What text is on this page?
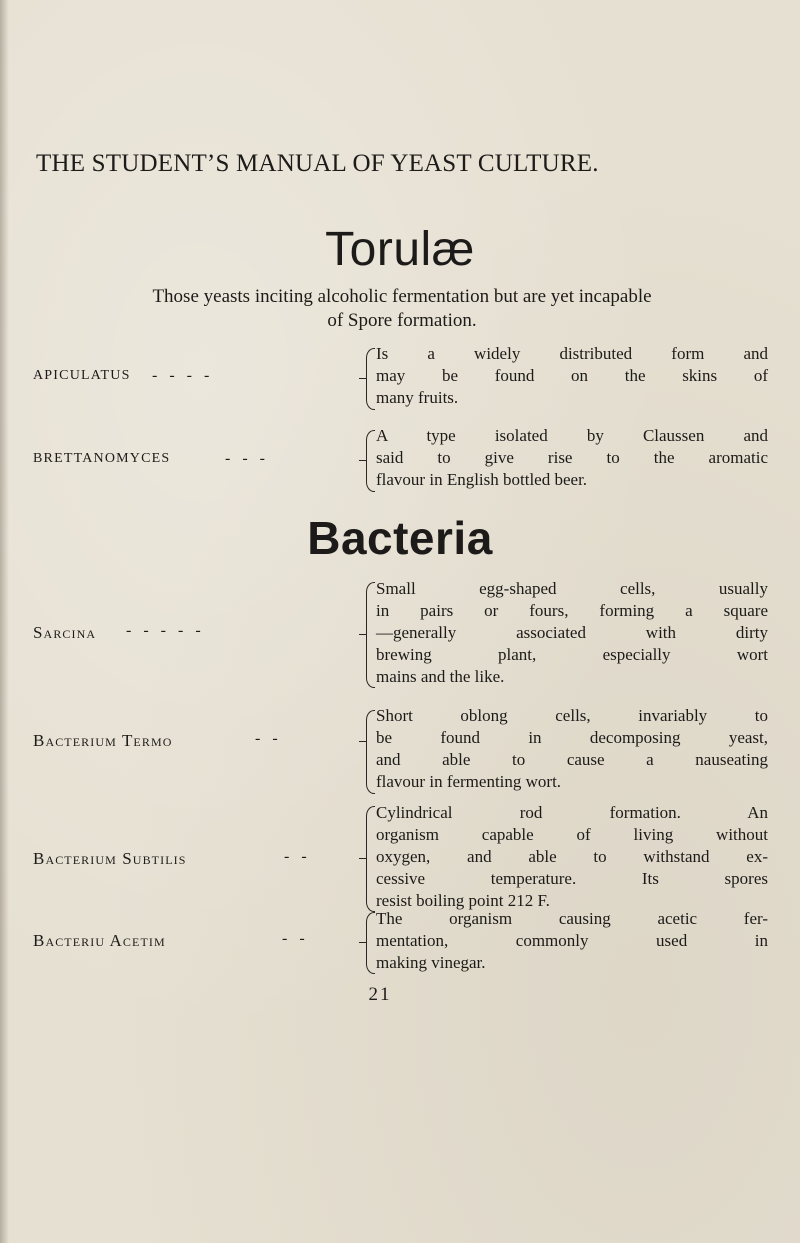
THE STUDENT’S MANUAL OF YEAST CULTURE.
Torulæ
Those yeasts inciting alcoholic fermentation but are yet incapable
of Spore formation.
APICULATUS -   -   -   -
Is a widely distributed form and
may be found on the skins of
many fruits.
BRETTANOMYCES	-   -   -
A type isolated by Claussen and
said to give rise to the aromatic
flavour in English bottled beer.
Bacteria
Sarcina -   -   -   -   -
Small egg-shaped cells, usually
in pairs or fours, forming a square
—generally associated with dirty
brewing plant, especially wort
mains and the like.
Bacterium Termo	-   -
Short oblong cells, invariably to
be found in decomposing yeast,
and able to cause a nauseating
flavour in fermenting wort.
Bacterium Subtilis	-   -
Cylindrical rod formation. An
organism capable of living without
oxygen, and able to withstand ex-
cessive temperature. Its spores
resist boiling point 212 F.
Bacteriu Acetim	-   -
The organism causing acetic fer-
mentation, commonly used in
making vinegar.
21
